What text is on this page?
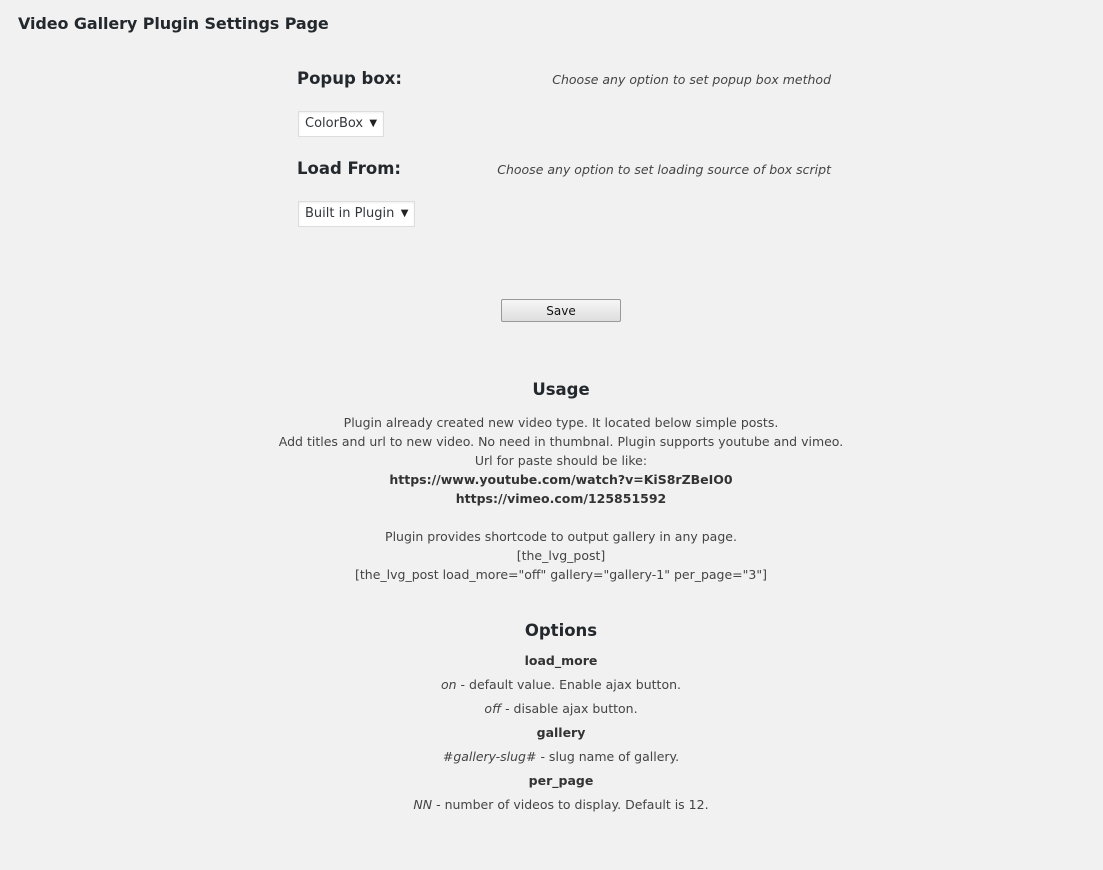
Video Gallery Plugin Settings Page
Popup box:	Choose any option to set popup box method
ColorBox ▼
Load From:	Choose any option to set loading source of box script
Built in Plugin ▼
Save
Usage
Plugin already created new video type. It located below simple posts.
Add titles and url to new video. No need in thumbnal. Plugin supports youtube and vimeo.
Url for paste should be like:
https://www.youtube.com/watch?v=KiS8rZBeIO0
https://vimeo.com/125851592
Plugin provides shortcode to output gallery in any page.
[the_lvg_post]
[the_lvg_post load_more="off" gallery="gallery-1" per_page="3"]
Options
load_more
on - default value. Enable ajax button.
off - disable ajax button.
gallery
#gallery-slug# - slug name of gallery.
per_page
NN - number of videos to display. Default is 12.
